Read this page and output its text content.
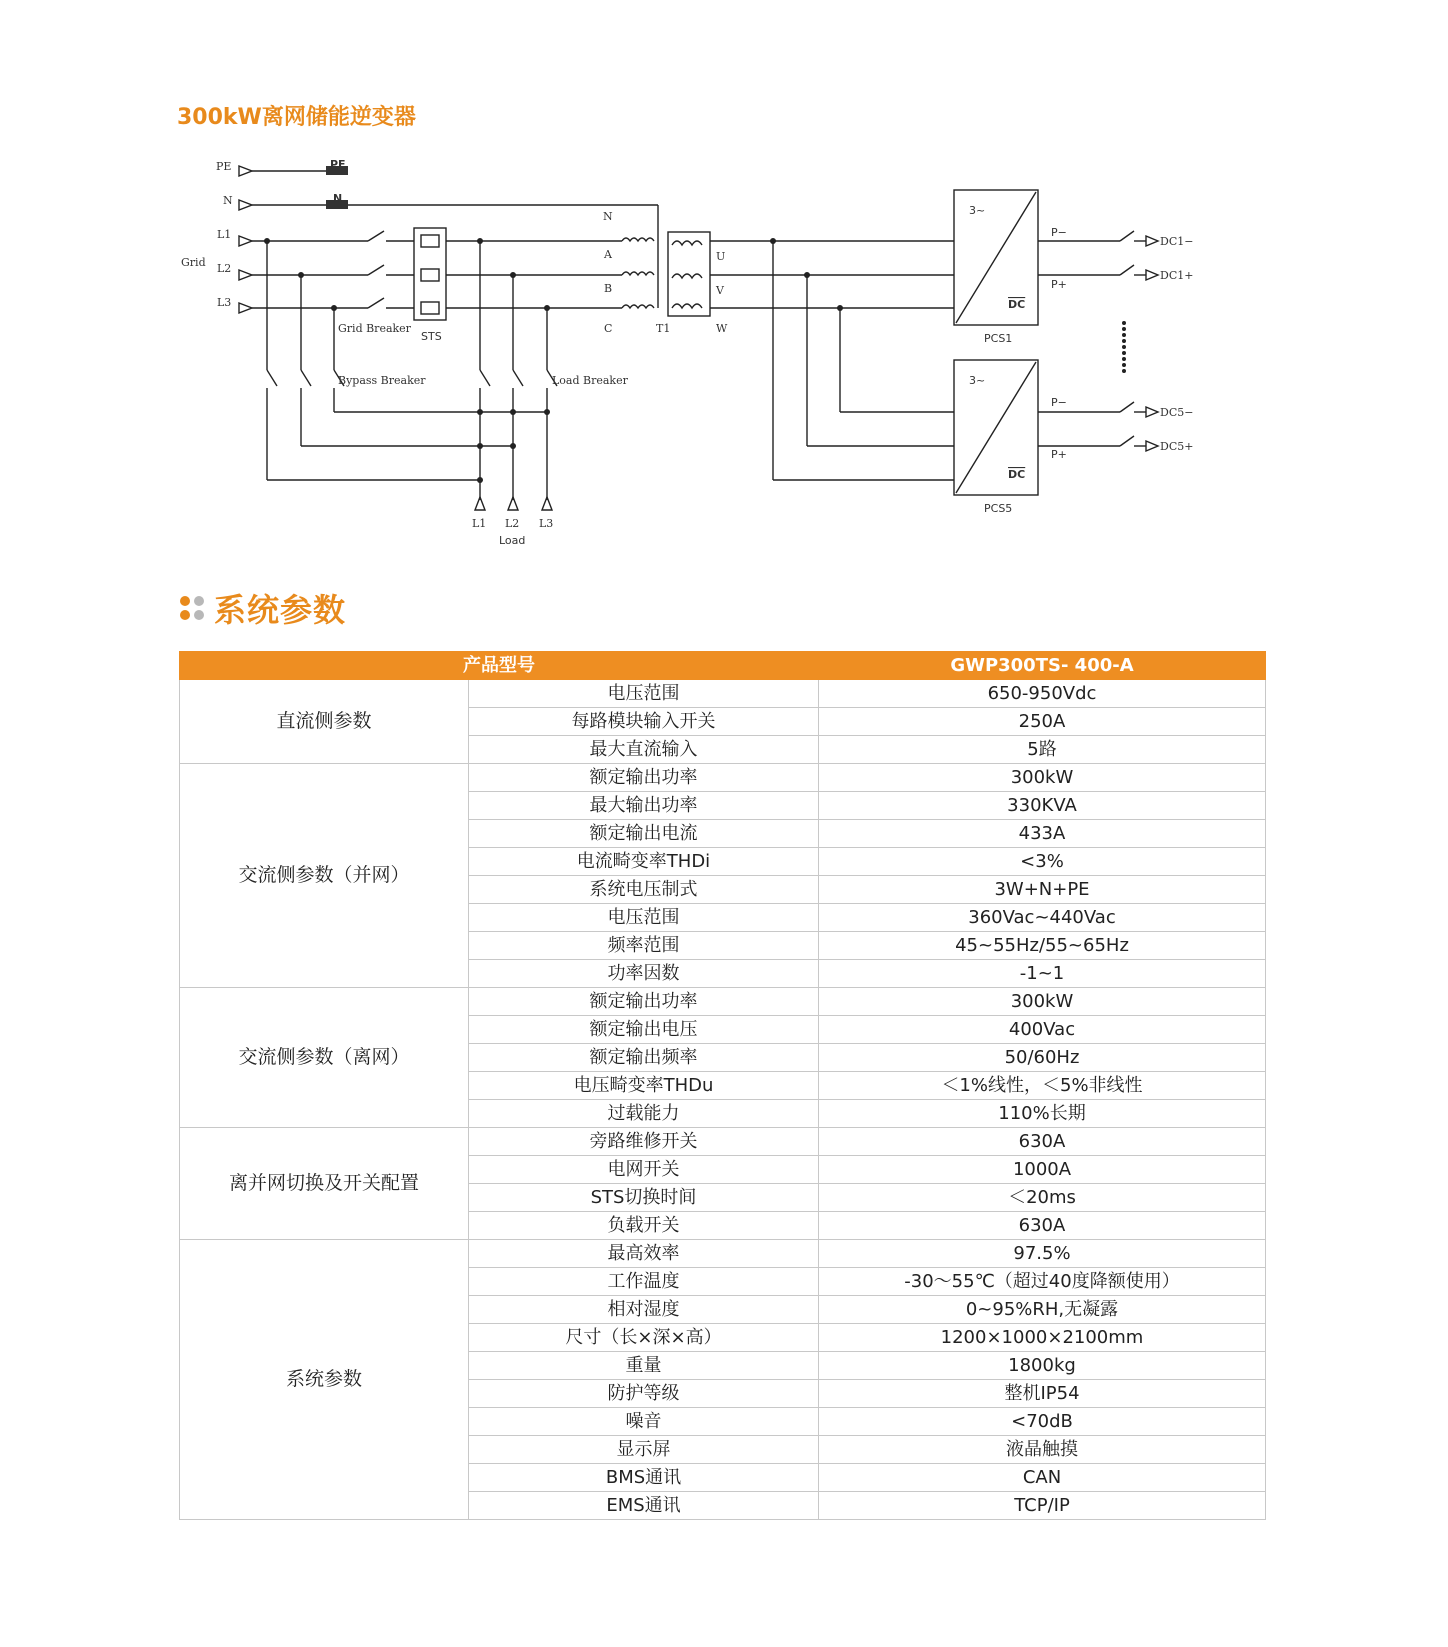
300kW离网储能逆变器
PE
N
L1
L2
L3
Grid
PE
N
Grid Breaker
STS
Bypass Breaker	Load Breaker
N
A
B
C	T1
U
V
W
3~
DC
PCS1
3~
DC
PCS5
P−
P+
P−
P+
DC1−
DC1+
DC5−
DC5+
L1 L2 L3
Load
系统参数
产品型号		GWP300TS- 400-A
直流侧参数	电压范围	650-950Vdc
	每路模块输入开关	250A
	最大直流输入	5路
交流侧参数（并网）	额定输出功率	300kW
	最大输出功率	330KVA
	额定输出电流	433A
	电流畸变率THDi	<3%
	系统电压制式	3W+N+PE
	电压范围	360Vac~440Vac
	频率范围	45~55Hz/55~65Hz
	功率因数	-1~1
交流侧参数（离网）	额定输出功率	300kW
	额定输出电压	400Vac
	额定输出频率	50/60Hz
	电压畸变率THDu	＜1%线性，＜5%非线性
	过载能力	110%长期
离并网切换及开关配置	旁路维修开关	630A
	电网开关	1000A
	STS切换时间	＜20ms
	负载开关	630A
系统参数	最高效率	97.5%
	工作温度	-30～55℃（超过40度降额使用）
	相对湿度	0~95%RH,无凝露
	尺寸（长×深×高）	1200×1000×2100mm
	重量	1800kg
	防护等级	整机IP54
	噪音	<70dB
	显示屏	液晶触摸
	BMS通讯	CAN
	EMS通讯	TCP/IP
